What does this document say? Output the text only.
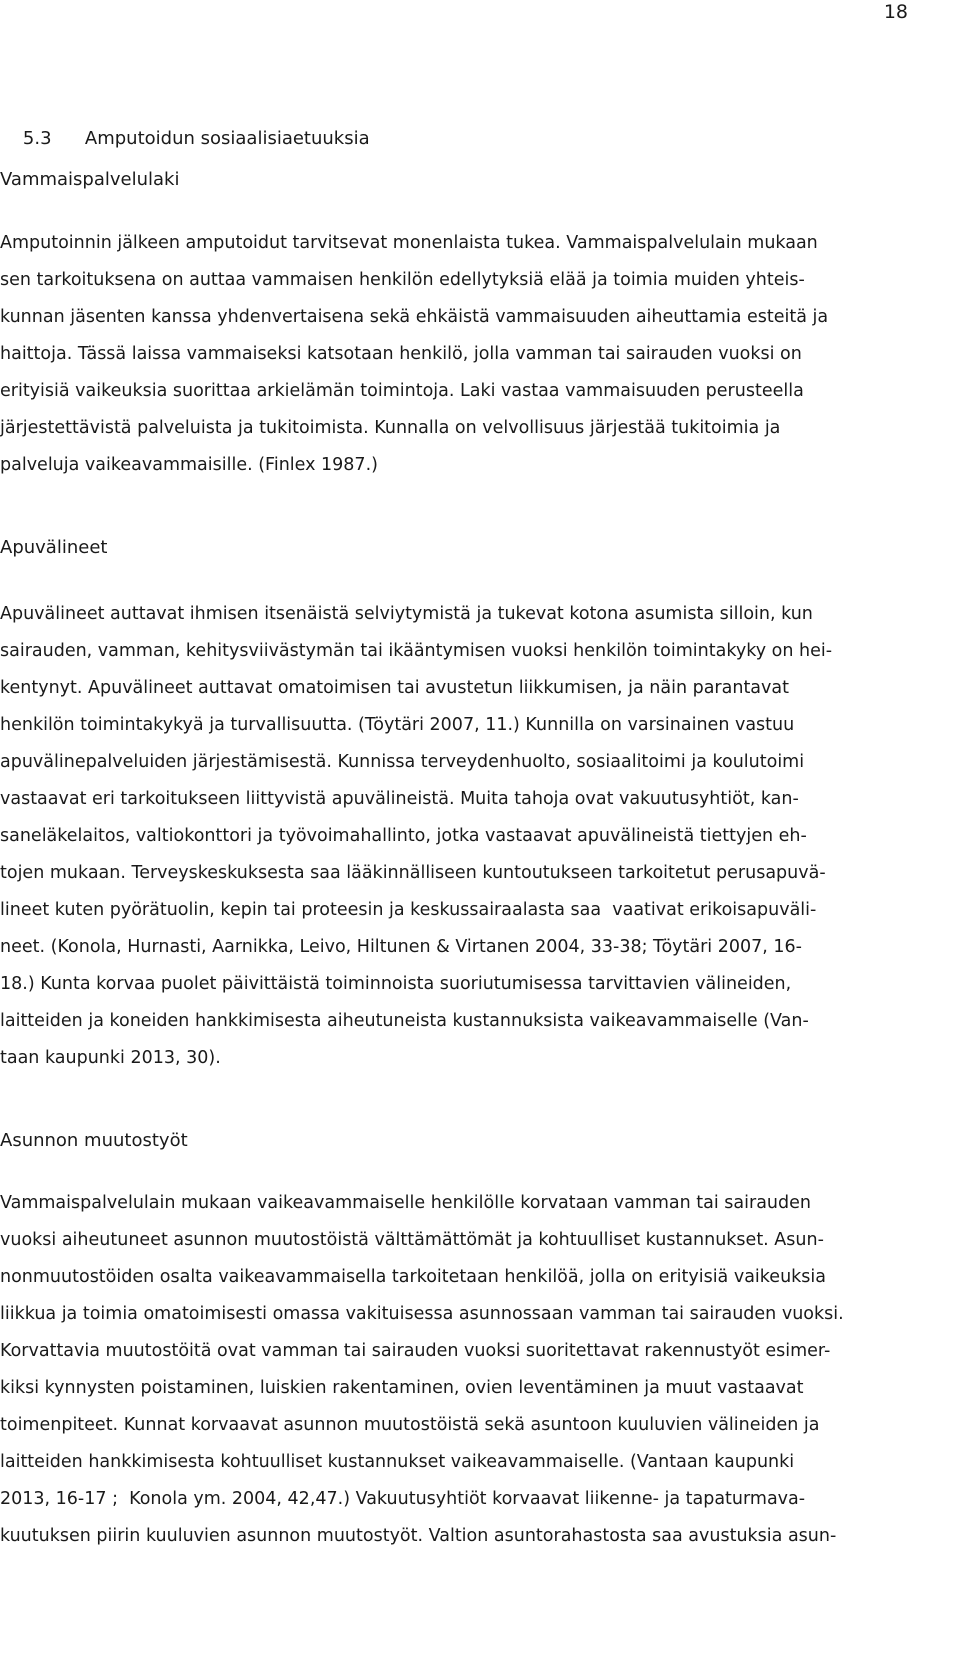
18

5.3 Amputoidun sosiaalisiaetuuksia

Vammaispalvelulaki
Amputoinnin jälkeen amputoidut tarvitsevat monenlaista tukea. Vammaispalvelulain mukaan
sen tarkoituksena on auttaa vammaisen henkilön edellytyksiä elää ja toimia muiden yhteis-
kunnan jäsenten kanssa yhdenvertaisena sekä ehkäistä vammaisuuden aiheuttamia esteitä ja
haittoja. Tässä laissa vammaiseksi katsotaan henkilö, jolla vamman tai sairauden vuoksi on
erityisiä vaikeuksia suorittaa arkielämän toimintoja. Laki vastaa vammaisuuden perusteella
järjestettävistä palveluista ja tukitoimista. Kunnalla on velvollisuus järjestää tukitoimia ja
palveluja vaikeavammaisille. (Finlex 1987.)
Apuvälineet
Apuvälineet auttavat ihmisen itsenäistä selviytymistä ja tukevat kotona asumista silloin, kun
sairauden, vamman, kehitysviivästymän tai ikääntymisen vuoksi henkilön toimintakyky on hei-
kentynyt. Apuvälineet auttavat omatoimisen tai avustetun liikkumisen, ja näin parantavat
henkilön toimintakykyä ja turvallisuutta. (Töytäri 2007, 11.) Kunnilla on varsinainen vastuu
apuvälinepalveluiden järjestämisestä. Kunnissa terveydenhuolto, sosiaalitoimi ja koulutoimi
vastaavat eri tarkoitukseen liittyvistä apuvälineistä. Muita tahoja ovat vakuutusyhtiöt, kan-
saneläkelaitos, valtiokonttori ja työvoimahallinto, jotka vastaavat apuvälineistä tiettyjen eh-
tojen mukaan. Terveyskeskuksesta saa lääkinnälliseen kuntoutukseen tarkoitetut perusapuvä-
lineet kuten pyörätuolin, kepin tai proteesin ja keskussairaalasta saa  vaativat erikoisapuväli-
neet. (Konola, Hurnasti, Aarnikka, Leivo, Hiltunen & Virtanen 2004, 33-38; Töytäri 2007, 16-
18.) Kunta korvaa puolet päivittäistä toiminnoista suoriutumisessa tarvittavien välineiden,
laitteiden ja koneiden hankkimisesta aiheutuneista kustannuksista vaikeavammaiselle (Van-
taan kaupunki 2013, 30).
Asunnon muutostyöt
Vammaispalvelulain mukaan vaikeavammaiselle henkilölle korvataan vamman tai sairauden
vuoksi aiheutuneet asunnon muutostöistä välttämättömät ja kohtuulliset kustannukset. Asun-
nonmuutostöiden osalta vaikeavammaisella tarkoitetaan henkilöä, jolla on erityisiä vaikeuksia
liikkua ja toimia omatoimisesti omassa vakituisessa asunnossaan vamman tai sairauden vuoksi.
Korvattavia muutostöitä ovat vamman tai sairauden vuoksi suoritettavat rakennustyöt esimer-
kiksi kynnysten poistaminen, luiskien rakentaminen, ovien leventäminen ja muut vastaavat
toimenpiteet. Kunnat korvaavat asunnon muutostöistä sekä asuntoon kuuluvien välineiden ja
laitteiden hankkimisesta kohtuulliset kustannukset vaikeavammaiselle. (Vantaan kaupunki
2013, 16-17 ;  Konola ym. 2004, 42,47.) Vakuutusyhtiöt korvaavat liikenne- ja tapaturmava-
kuutuksen piirin kuuluvien asunnon muutostyöt. Valtion asuntorahastosta saa avustuksia asun-
